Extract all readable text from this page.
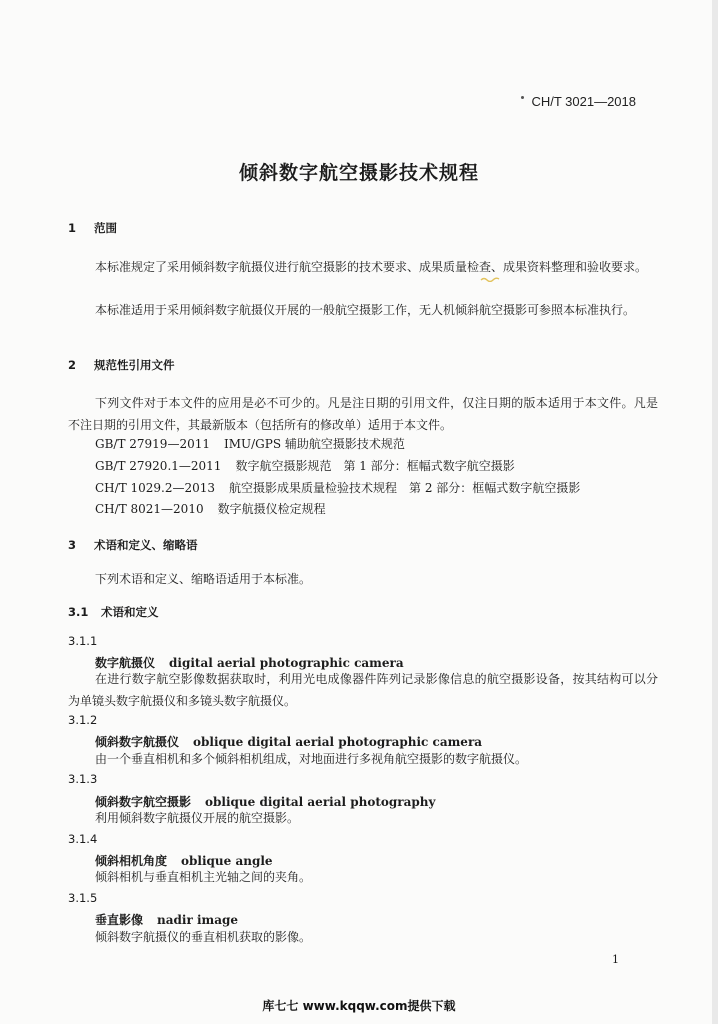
CH/T 3021—2018
倾斜数字航空摄影技术规程
1 范围
本标准规定了采用倾斜数字航摄仪进行航空摄影的技术要求、成果质量检查、成果资料整理和验收要求。
本标准适用于采用倾斜数字航摄仪开展的一般航空摄影工作，无人机倾斜航空摄影可参照本标准执行。
2 规范性引用文件
下列文件对于本文件的应用是必不可少的。凡是注日期的引用文件，仅注日期的版本适用于本文件。凡是不注日期的引用文件，其最新版本（包括所有的修改单）适用于本文件。
GB/T 27919—2011 IMU/GPS 辅助航空摄影技术规范
GB/T 27920.1—2011 数字航空摄影规范　第 1 部分：框幅式数字航空摄影
CH/T 1029.2—2013 航空摄影成果质量检验技术规程　第 2 部分：框幅式数字航空摄影
CH/T 8021—2010 数字航摄仪检定规程
3 术语和定义、缩略语
下列术语和定义、缩略语适用于本标准。
3.1 术语和定义
3.1.1
数字航摄仪 digital aerial photographic camera
在进行数字航空影像数据获取时，利用光电成像器件阵列记录影像信息的航空摄影设备，按其结构可以分为单镜头数字航摄仪和多镜头数字航摄仪。
3.1.2
倾斜数字航摄仪 oblique digital aerial photographic camera
由一个垂直相机和多个倾斜相机组成，对地面进行多视角航空摄影的数字航摄仪。
3.1.3
倾斜数字航空摄影 oblique digital aerial photography
利用倾斜数字航摄仪开展的航空摄影。
3.1.4
倾斜相机角度 oblique angle
倾斜相机与垂直相机主光轴之间的夹角。
3.1.5
垂直影像 nadir image
倾斜数字航摄仪的垂直相机获取的影像。
1
库七七 www.kqqw.com提供下载
